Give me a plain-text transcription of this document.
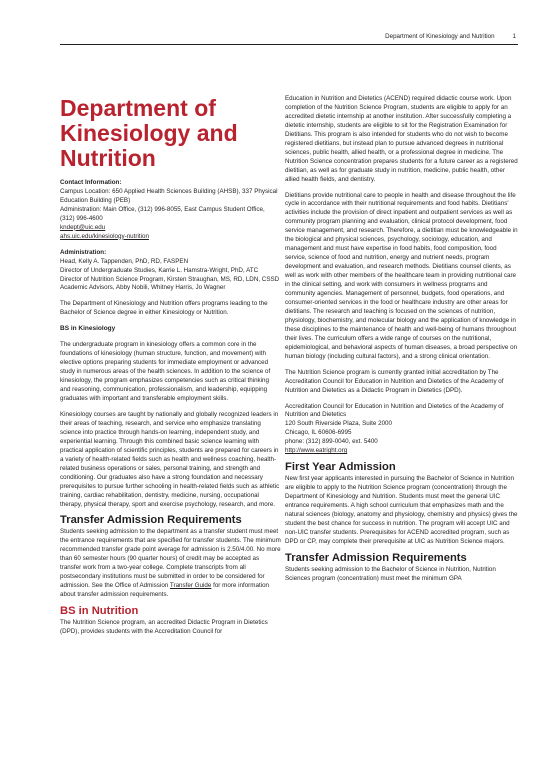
Department of Kinesiology and Nutrition	1
Department of
Kinesiology and
Nutrition

Contact Information:

Campus Location: 650 Applied Health Sciences Building (AHSB), 337 Physical Education Building (PEB)

Administration: Main Office, (312) 996-8055, East Campus Student Office, (312) 996-4600

kndept@uic.edu

ahs.uic.edu/kinesiology-nutrition

Administration:

Head, Kelly A. Tappenden, PhD, RD, FASPEN

Director of Undergraduate Studies, Karrie L. Hamstra-Wright, PhD, ATC

Director of Nutrition Science Program, Kirsten Straughan, MS, RD, LDN, CSSD

Academic Advisors, Abby Nobili, Whitney Harris, Jo Wagner

The Department of Kinesiology and Nutrition offers programs leading to the Bachelor of Science degree in either Kinesiology or Nutrition.

BS in Kinesiology

The undergraduate program in kinesiology offers a common core in the foundations of kinesiology (human structure, function, and movement) with elective options preparing students for immediate employment or advanced study in numerous areas of the health sciences. In addition to the science of kinesiology, the program emphasizes competencies such as critical thinking and reasoning, communication, professionalism, and leadership, equipping graduates with important and transferable employment skills.

Kinesiology courses are taught by nationally and globally recognized leaders in their areas of teaching, research, and service who emphasize translating science into practice through hands-on learning, independent study, and experiential learning. Through this combined basic science learning with practical application of scientific principles, students are prepared for careers in a variety of health-related fields such as health and wellness coaching, health-related business operations or sales, personal training, and strength and conditioning. Our graduates also have a strong foundation and necessary prerequisites to pursue further schooling in health-related fields such as athletic training, cardiac rehabilitation, dentistry, medicine, nursing, occupational therapy, physical therapy, sport and exercise psychology, research, and more.

Transfer Admission Requirements

Students seeking admission to the department as a transfer student must meet the entrance requirements that are specified for transfer students. The minimum recommended transfer grade point average for admission is 2.50/4.00. No more than 60 semester hours (90 quarter hours) of credit may be accepted as transfer work from a two-year college. Complete transcripts from all postsecondary institutions must be submitted in order to be considered for admission. See the Office of Admission Transfer Guide for more information about transfer admission requirements.

BS in Nutrition

The Nutrition Science program, an accredited Didactic Program in Dietetics (DPD), provides students with the Accreditation Council for

Education in Nutrition and Dietetics (ACEND) required didactic course work. Upon completion of the Nutrition Science Program, students are eligible to apply for an accredited dietetic internship at another institution. After successfully completing a dietetic internship, students are eligible to sit for the Registration Examination for Dietitians. This program is also intended for students who do not wish to become registered dietitians, but instead plan to pursue advanced degrees in nutritional sciences, public health, allied health, or a professional degree in medicine. The Nutrition Science concentration prepares students for a future career as a registered dietitian, as well as for graduate study in nutrition, medicine, public health, other allied health fields, and dentistry.

Dietitians provide nutritional care to people in health and disease throughout the life cycle in accordance with their nutritional requirements and food habits. Dietitians' activities include the provision of direct inpatient and outpatient services as well as community program planning and evaluation, clinical protocol development, food service management, and research. Therefore, a dietitian must be knowledgeable in the biological and physical sciences, psychology, sociology, education, and management and must have expertise in food habits, food composition, food service, science of food and nutrition, energy and nutrient needs, program development and evaluation, and research methods. Dietitians counsel clients, as well as work with other members of the healthcare team in providing nutritional care in the clinical setting, and work with consumers in wellness programs and community agencies. Management of personnel, budgets, food operations, and consumer-oriented services in the food or healthcare industry are other areas for dietitians. The research and teaching is focused on the sciences of nutrition, physiology, biochemistry, and molecular biology and the application of knowledge in these disciplines to the maintenance of health and well-being of humans throughout their lives. The curriculum offers a wide range of courses on the nutritional, epidemiological, and behavioral aspects of human diseases, a broad perspective on human biology (including cultural factors), and a strong clinical orientation.

The Nutrition Science program is currently granted initial accreditation by The Accreditation Council for Education in Nutrition and Dietetics of the Academy of Nutrition and Dietetics as a Didactic Program in Dietetics (DPD).

Accreditation Council for Education in Nutrition and Dietetics of the Academy of Nutrition and Dietetics

120 South Riverside Plaza, Suite 2000

Chicago, IL 60606-6995

phone: (312) 899-0040, ext. 5400

http://www.eatright.org

First Year Admission

New first year applicants interested in pursuing the Bachelor of Science in Nutrition are eligible to apply to the Nutrition Science program (concentration) through the Department of Kinesiology and Nutrition. Students must meet the general UIC entrance requirements. A high school curriculum that emphasizes math and the natural sciences (biology, anatomy and physiology, chemistry and physics) gives the student the best chance for success in nutrition. The program will accept UIC and non-UIC transfer students. Prerequisites for ACEND accredited program, such as DPD or CP, may complete their prerequisite at UIC as Nutrition Science majors.

Transfer Admission Requirements

Students seeking admission to the Bachelor of Science in Nutrition, Nutrition Sciences program (concentration) must meet the minimum GPA
